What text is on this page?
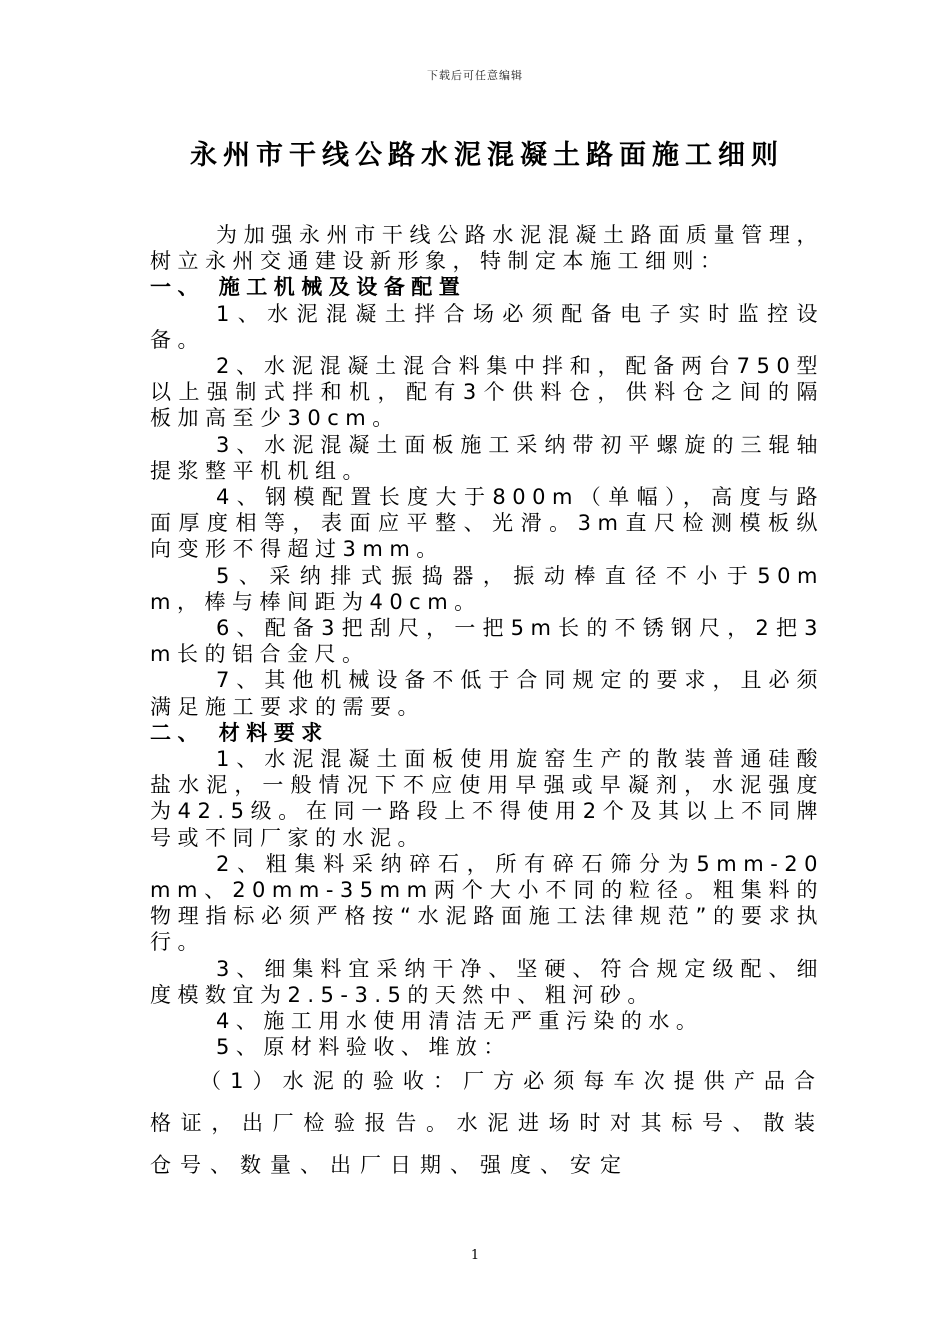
下载后可任意编辑
永州市干线公路水泥混凝土路面施工细则

为加强永州市干线公路水泥混凝土路面质量管理，树立永州交通建设新形象，特制定本施工细则：

一、 施工机械及设备配置

1、水泥混凝土拌合场必须配备电子实时监控设备。

2、水泥混凝土混合料集中拌和，配备两台750型以上强制式拌和机，配有3个供料仓，供料仓之间的隔板加高至少30cm。

3、水泥混凝土面板施工采纳带初平螺旋的三辊轴提浆整平机机组。

4、钢模配置长度大于800m（单幅），高度与路面厚度相等，表面应平整、光滑。3m直尺检测模板纵向变形不得超过3mm。

5、采纳排式振捣器，振动棒直径不小于50mm，棒与棒间距为40cm。

6、配备3把刮尺，一把5m长的不锈钢尺，2把3m长的铝合金尺。

7、其他机械设备不低于合同规定的要求，且必须满足施工要求的需要。

二、 材料要求

1、水泥混凝土面板使用旋窑生产的散装普通硅酸盐水泥，一般情况下不应使用早强或早凝剂，水泥强度为42.5级。在同一路段上不得使用2个及其以上不同牌号或不同厂家的水泥。

2、粗集料采纳碎石，所有碎石筛分为5mm-20mm、20mm-35mm两个大小不同的粒径。粗集料的物理指标必须严格按“水泥路面施工法律规范”的要求执行。

3、细集料宜采纳干净、坚硬、符合规定级配、细度模数宜为2.5-3.5的天然中、粗河砂。

4、施工用水使用清洁无严重污染的水。

5、原材料验收、堆放：

（1）水泥的验收：厂方必须每车次提供产品合格证，出厂检验报告。水泥进场时对其标号、散装仓号、数量、出厂日期、强度、安定

1
